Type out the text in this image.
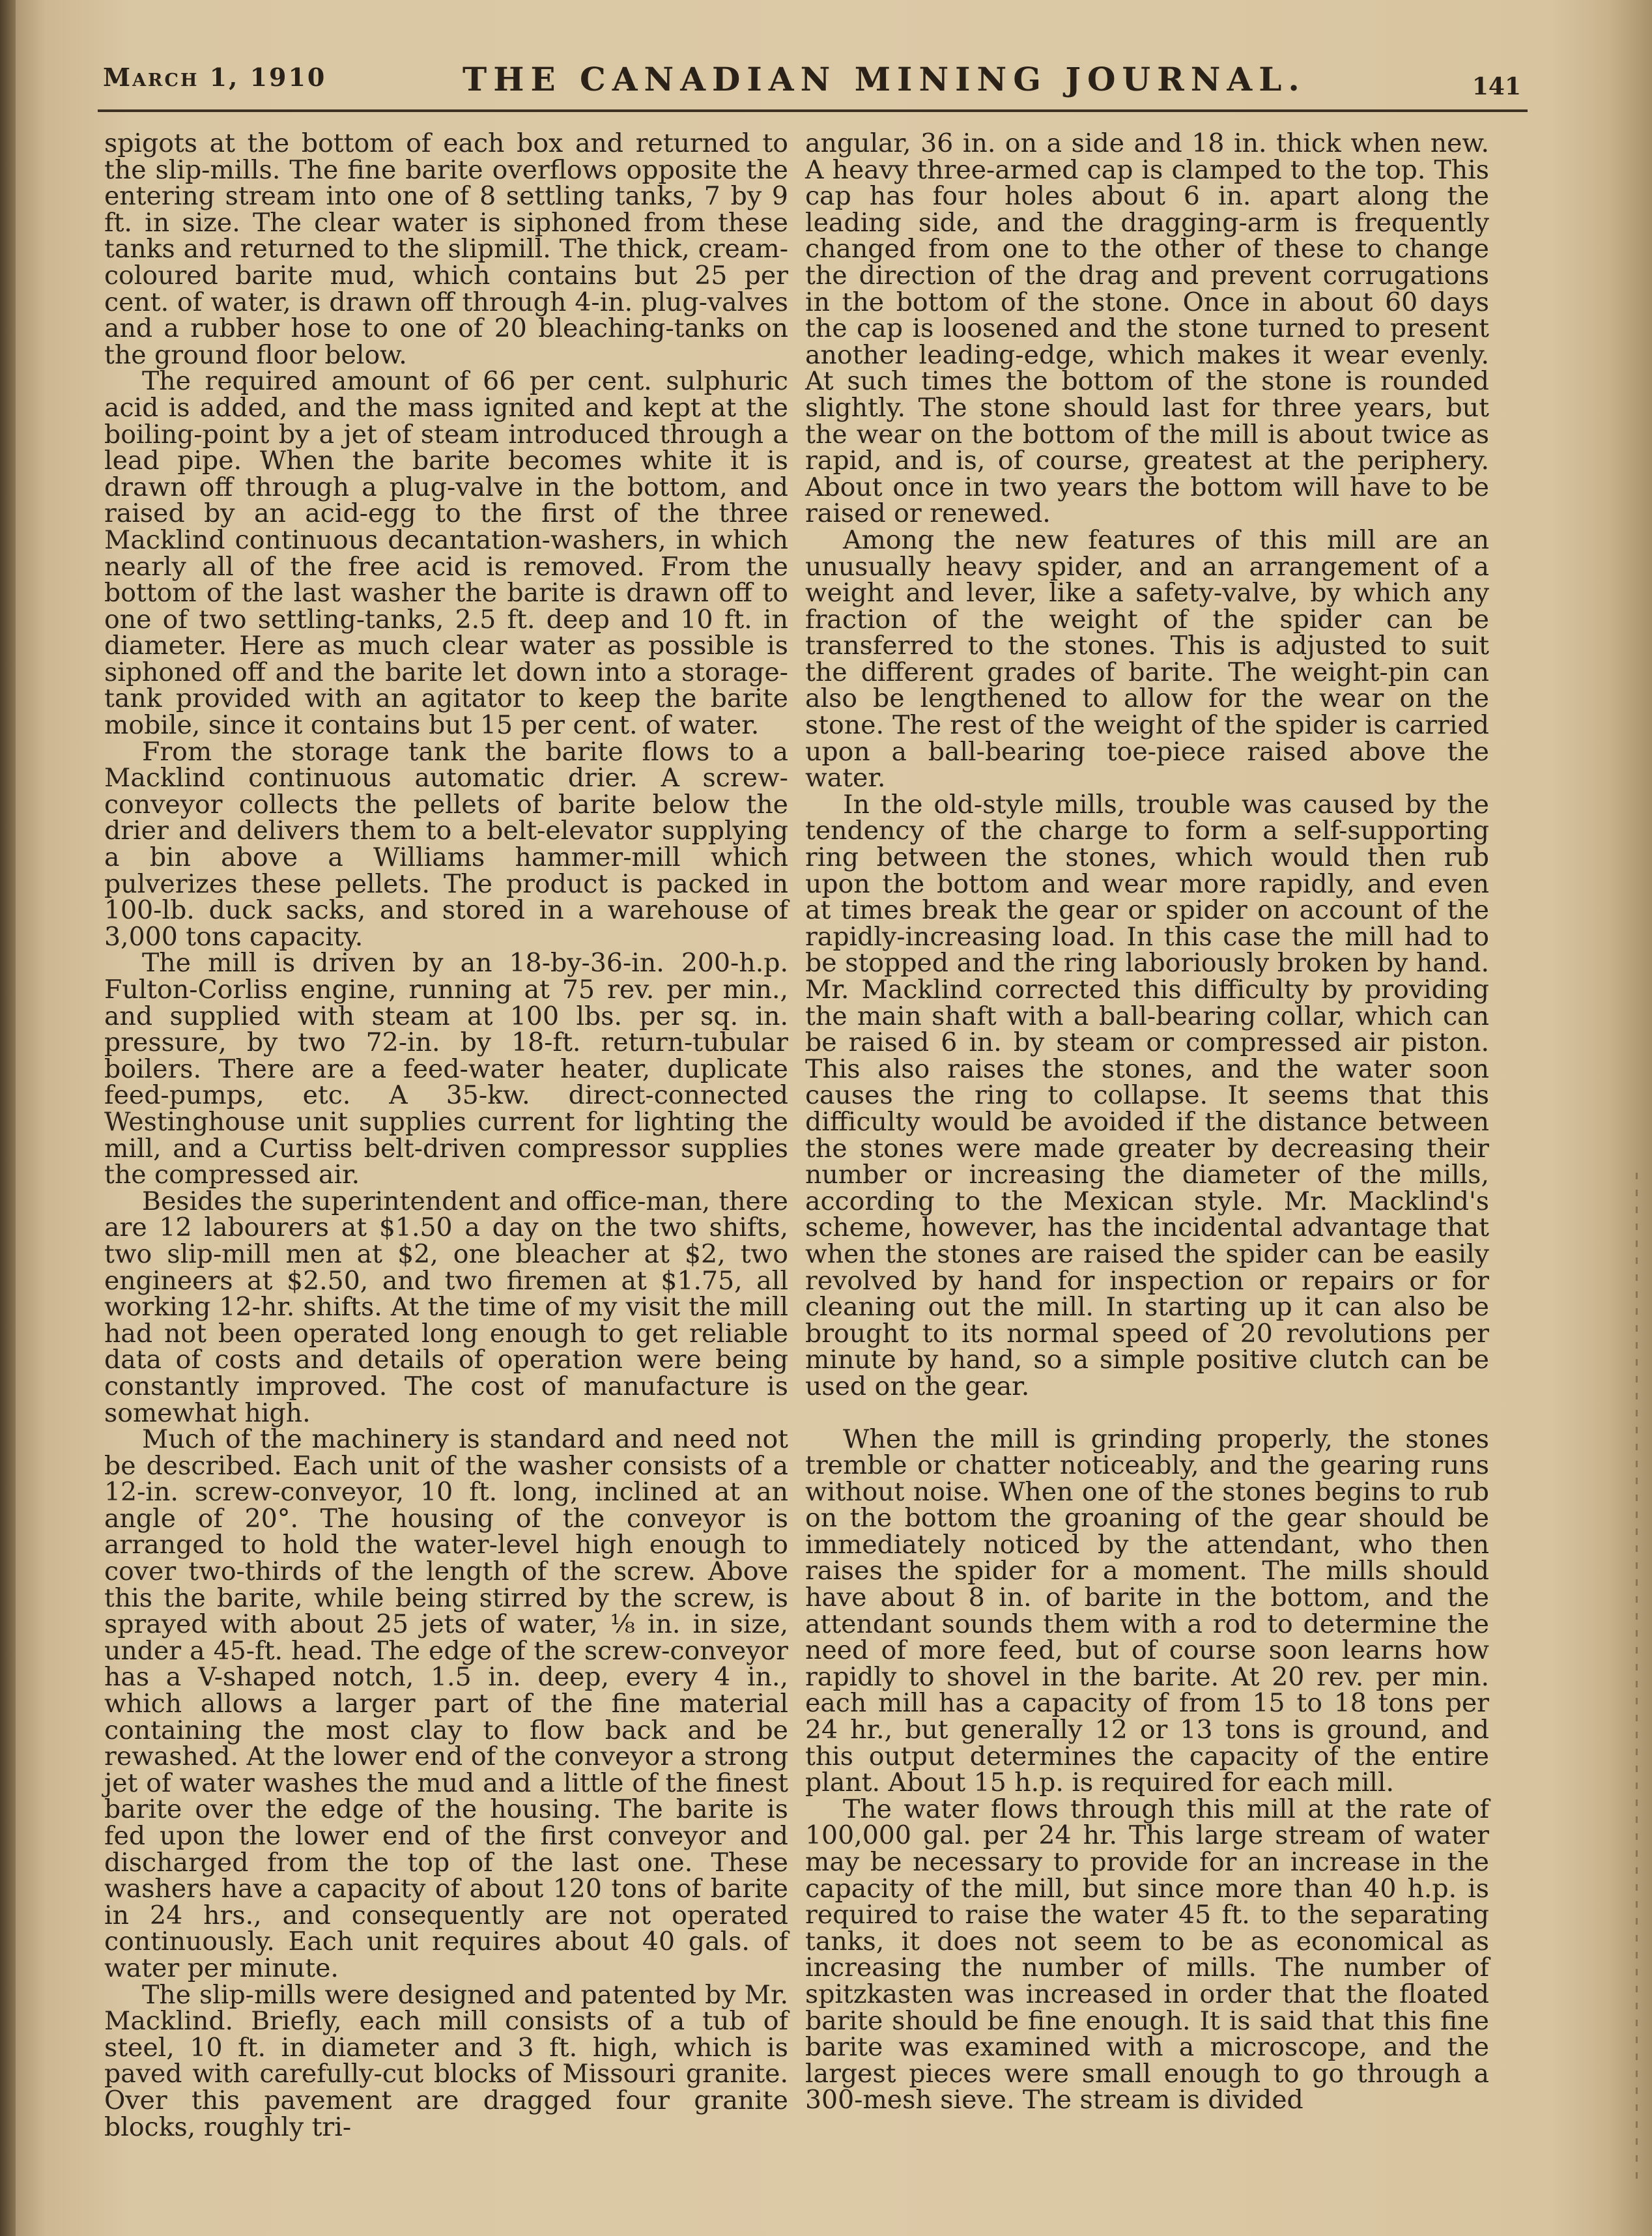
March 1, 1910	THE CANADIAN MINING JOURNAL.	141

spigots at the bottom of each box and returned to the slip-mills. The fine barite overflows opposite the entering stream into one of 8 settling tanks, 7 by 9 ft. in size. The clear water is siphoned from these tanks and returned to the slipmill. The thick, cream-coloured barite mud, which contains but 25 per cent. of water, is drawn off through 4-in. plug-valves and a rubber hose to one of 20 bleaching-tanks on the ground floor below.

The required amount of 66 per cent. sulphuric acid is added, and the mass ignited and kept at the boiling-point by a jet of steam introduced through a lead pipe. When the barite becomes white it is drawn off through a plug-valve in the bottom, and raised by an acid-egg to the first of the three Macklind continuous decantation-washers, in which nearly all of the free acid is removed. From the bottom of the last washer the barite is drawn off to one of two settling-tanks, 2.5 ft. deep and 10 ft. in diameter. Here as much clear water as possible is siphoned off and the barite let down into a storage-tank provided with an agitator to keep the barite mobile, since it contains but 15 per cent. of water.

From the storage tank the barite flows to a Macklind continuous automatic drier. A screw-conveyor collects the pellets of barite below the drier and delivers them to a belt-elevator supplying a bin above a Williams hammer-mill which pulverizes these pellets. The product is packed in 100-lb. duck sacks, and stored in a warehouse of 3,000 tons capacity.

The mill is driven by an 18-by-36-in. 200-h.p. Fulton-Corliss engine, running at 75 rev. per min., and supplied with steam at 100 lbs. per sq. in. pressure, by two 72-in. by 18-ft. return-tubular boilers. There are a feed-water heater, duplicate feed-pumps, etc. A 35-kw. direct-connected Westinghouse unit supplies current for lighting the mill, and a Curtiss belt-driven compressor supplies the compressed air.

Besides the superintendent and office-man, there are 12 labourers at $1.50 a day on the two shifts, two slip-mill men at $2, one bleacher at $2, two engineers at $2.50, and two firemen at $1.75, all working 12-hr. shifts. At the time of my visit the mill had not been operated long enough to get reliable data of costs and details of operation were being constantly improved. The cost of manufacture is somewhat high.

Much of the machinery is standard and need not be described. Each unit of the washer consists of a 12-in. screw-conveyor, 10 ft. long, inclined at an angle of 20°. The housing of the conveyor is arranged to hold the water-level high enough to cover two-thirds of the length of the screw. Above this the barite, while being stirred by the screw, is sprayed with about 25 jets of water, ⅛ in. in size, under a 45-ft. head. The edge of the screw-conveyor has a V-shaped notch, 1.5 in. deep, every 4 in., which allows a larger part of the fine material containing the most clay to flow back and be rewashed. At the lower end of the conveyor a strong jet of water washes the mud and a little of the finest barite over the edge of the housing. The barite is fed upon the lower end of the first conveyor and discharged from the top of the last one. These washers have a capacity of about 120 tons of barite in 24 hrs., and consequently are not operated continuously. Each unit requires about 40 gals. of water per minute.

The slip-mills were designed and patented by Mr. Macklind. Briefly, each mill consists of a tub of steel, 10 ft. in diameter and 3 ft. high, which is paved with carefully-cut blocks of Missouri granite. Over this pavement are dragged four granite blocks, roughly tri-

angular, 36 in. on a side and 18 in. thick when new. A heavy three-armed cap is clamped to the top. This cap has four holes about 6 in. apart along the leading side, and the dragging-arm is frequently changed from one to the other of these to change the direction of the drag and prevent corrugations in the bottom of the stone. Once in about 60 days the cap is loosened and the stone turned to present another leading-edge, which makes it wear evenly. At such times the bottom of the stone is rounded slightly. The stone should last for three years, but the wear on the bottom of the mill is about twice as rapid, and is, of course, greatest at the periphery. About once in two years the bottom will have to be raised or renewed.

Among the new features of this mill are an unusually heavy spider, and an arrangement of a weight and lever, like a safety-valve, by which any fraction of the weight of the spider can be transferred to the stones. This is adjusted to suit the different grades of barite. The weight-pin can also be lengthened to allow for the wear on the stone. The rest of the weight of the spider is carried upon a ball-bearing toe-piece raised above the water.

In the old-style mills, trouble was caused by the tendency of the charge to form a self-supporting ring between the stones, which would then rub upon the bottom and wear more rapidly, and even at times break the gear or spider on account of the rapidly-increasing load. In this case the mill had to be stopped and the ring laboriously broken by hand. Mr. Macklind corrected this difficulty by providing the main shaft with a ball-bearing collar, which can be raised 6 in. by steam or compressed air piston. This also raises the stones, and the water soon causes the ring to collapse. It seems that this difficulty would be avoided if the distance between the stones were made greater by decreasing their number or increasing the diameter of the mills, according to the Mexican style. Mr. Macklind's scheme, however, has the incidental advantage that when the stones are raised the spider can be easily revolved by hand for inspection or repairs or for cleaning out the mill. In starting up it can also be brought to its normal speed of 20 revolutions per minute by hand, so a simple positive clutch can be used on the gear.

When the mill is grinding properly, the stones tremble or chatter noticeably, and the gearing runs without noise. When one of the stones begins to rub on the bottom the groaning of the gear should be immediately noticed by the attendant, who then raises the spider for a moment. The mills should have about 8 in. of barite in the bottom, and the attendant sounds them with a rod to determine the need of more feed, but of course soon learns how rapidly to shovel in the barite. At 20 rev. per min. each mill has a capacity of from 15 to 18 tons per 24 hr., but generally 12 or 13 tons is ground, and this output determines the capacity of the entire plant. About 15 h.p. is required for each mill.

The water flows through this mill at the rate of 100,000 gal. per 24 hr. This large stream of water may be necessary to provide for an increase in the capacity of the mill, but since more than 40 h.p. is required to raise the water 45 ft. to the separating tanks, it does not seem to be as economical as increasing the number of mills. The number of spitzkasten was increased in order that the floated barite should be fine enough. It is said that this fine barite was examined with a microscope, and the largest pieces were small enough to go through a 300-mesh sieve. The stream is divided
